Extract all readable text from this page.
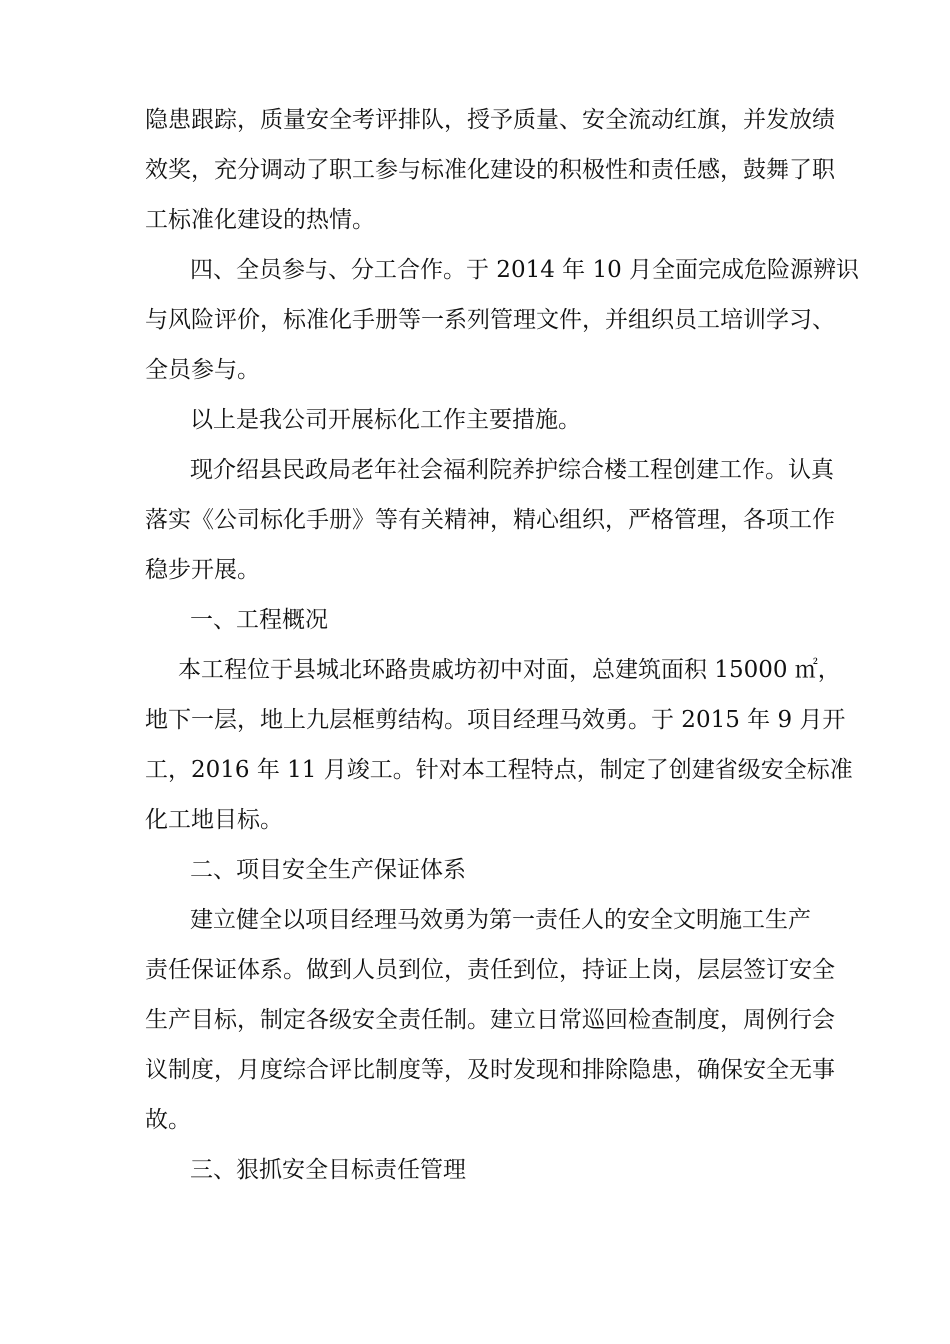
隐患跟踪，质量安全考评排队，授予质量、安全流动红旗，并发放绩
效奖，充分调动了职工参与标准化建设的积极性和责任感，鼓舞了职
工标准化建设的热情。
四、全员参与、分工合作。于 2014 年 10 月全面完成危险源辨识
与风险评价，标准化手册等一系列管理文件，并组织员工培训学习、
全员参与。
以上是我公司开展标化工作主要措施。
现介绍县民政局老年社会福利院养护综合楼工程创建工作。认真
落实《公司标化手册》等有关精神，精心组织，严格管理，各项工作
稳步开展。
一、工程概况
本工程位于县城北环路贵戚坊初中对面，总建筑面积 15000 ㎡，
地下一层，地上九层框剪结构。项目经理马效勇。于 2015 年 9 月开
工，2016 年 11 月竣工。针对本工程特点，制定了创建省级安全标准
化工地目标。
二、项目安全生产保证体系
建立健全以项目经理马效勇为第一责任人的安全文明施工生产
责任保证体系。做到人员到位，责任到位，持证上岗，层层签订安全
生产目标，制定各级安全责任制。建立日常巡回检查制度，周例行会
议制度，月度综合评比制度等，及时发现和排除隐患，确保安全无事
故。
三、狠抓安全目标责任管理
